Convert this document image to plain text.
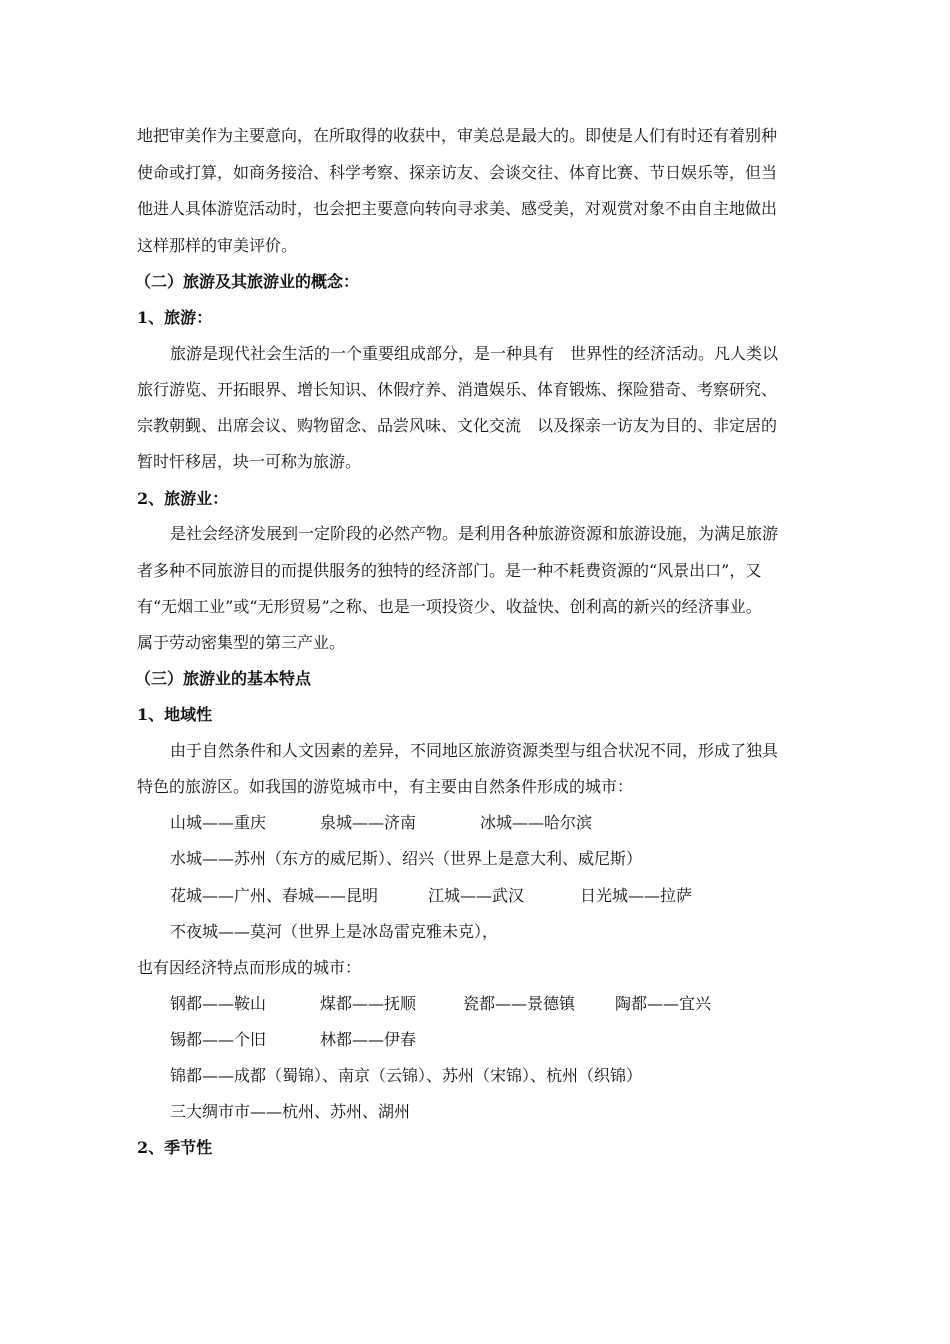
地把审美作为主要意向，在所取得的收获中，审美总是最大的。即使是人们有时还有着别种
使命或打算，如商务接洽、科学考察、探亲访友、会谈交往、体育比赛、节日娱乐等，但当
他进人具体游览活动时，也会把主要意向转向寻求美、感受美，对观赏对象不由自主地做出
这样那样的审美评价。
（二）旅游及其旅游业的概念：
1、旅游：
旅游是现代社会生活的一个重要组成部分，是一种具有　世界性的经济活动。凡人类以
旅行游览、开拓眼界、增长知识、休假疗养、消遣娱乐、体育锻炼、探险猎奇、考察研究、
宗教朝觐、出席会议、购物留念、品尝风味、文化交流　以及探亲一访友为目的、非定居的
暂时忓移居，块一可称为旅游。
2、旅游业：
是社会经济发展到一定阶段的必然产物。是利用各种旅游资源和旅游设施，为满足旅游
者多种不同旅游目的而提供服务的独特的经济部门。是一种不耗费资源的“风景出口”，又
有“无烟工业”或“无形贸易”之称、也是一项投资少、收益快、创利高的新兴的经济事业。
属于劳动密集型的第三产业。
（三）旅游业的基本特点
1、地域性
由于自然条件和人文因素的差异，不同地区旅游资源类型与组合状况不同，形成了独具
特色的旅游区。如我国的游览城市中，有主要由自然条件形成的城市：
山城——重庆	泉城——济南	冰城——哈尔滨
水城——苏州（东方的威尼斯）、绍兴（世界上是意大利、威尼斯）
花城——广州、春城——昆明	江城——武汉	日光城——拉萨
不夜城——莫河（世界上是冰岛雷克雅未克），
也有因经济特点而形成的城市：
钢都——鞍山	煤都——抚顺	瓷都——景德镇 陶都——宜兴
锡都——个旧	林都——伊春
锦都——成都（蜀锦）、南京（云锦）、苏州（宋锦）、杭州（织锦）
三大绸市市——杭州、苏州、湖州
2、季节性
